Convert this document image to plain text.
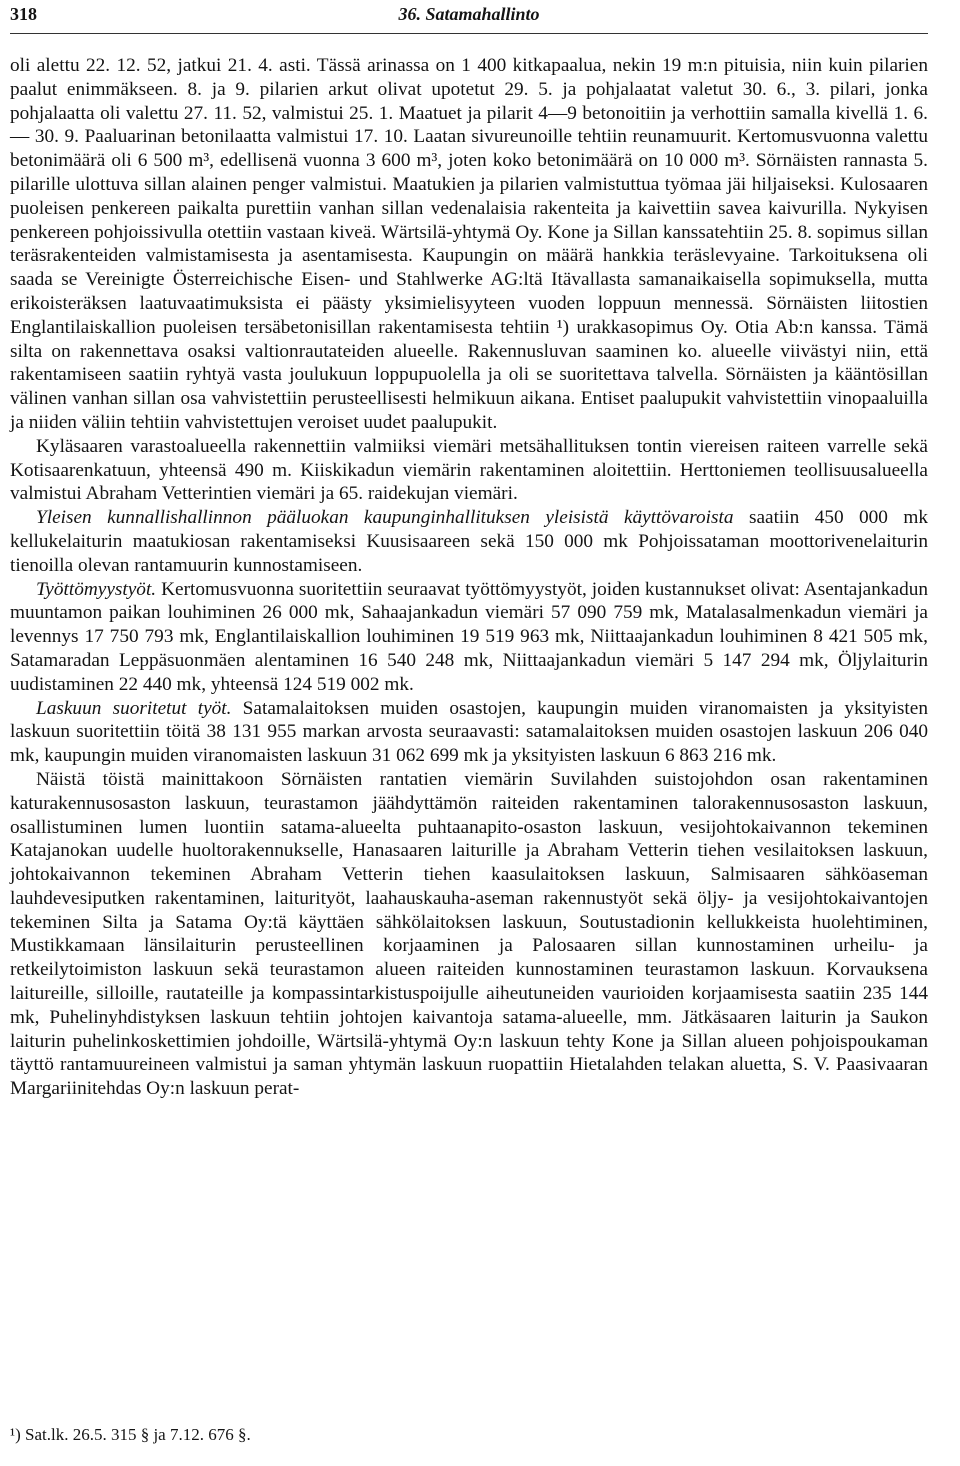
318	36. Satamahallinto

oli alettu 22. 12. 52, jatkui 21. 4. asti. Tässä arinassa on 1 400 kitkapaalua, nekin 19 m:n pituisia, niin kuin pilarien paalut enimmäkseen. 8. ja 9. pilarien arkut olivat upotetut 29. 5. ja pohjalaatat valetut 30. 6., 3. pilari, jonka pohjalaatta oli valettu 27. 11. 52, valmistui 25. 1. Maatuet ja pilarit 4—9 betonoitiin ja verhottiin samalla kivellä 1. 6. — 30. 9. Paaluarinan betonilaatta valmistui 17. 10. Laatan sivureunoille tehtiin reunamuurit. Kertomusvuonna valettu betonimäärä oli 6 500 m³, edellisenä vuonna 3 600 m³, joten koko betonimäärä on 10 000 m³. Sörnäisten rannasta 5. pilarille ulottuva sillan alainen penger valmistui. Maatukien ja pilarien valmistuttua työmaa jäi hiljaiseksi. Kulosaaren puoleisen penkereen paikalta purettiin vanhan sillan vedenalaisia rakenteita ja kaivettiin savea kaivurilla. Nykyisen penkereen pohjoissivulla otettiin vastaan kiveä. Wärtsilä-yhtymä Oy. Kone ja Sillan kanssatehtiin 25. 8. sopimus sillan teräsrakenteiden valmistamisesta ja asentamisesta. Kaupungin on määrä hankkia teräslevyaine. Tarkoituksena oli saada se Vereinigte Österreichische Eisen- und Stahlwerke AG:ltä Itävallasta samanaikaisella sopimuksella, mutta erikoisteräksen laatuvaatimuksista ei päästy yksimielisyyteen vuoden loppuun mennessä. Sörnäisten liitostien Englantilaiskallion puoleisen tersäbetonisillan rakentamisesta tehtiin ¹) urakkasopimus Oy. Otia Ab:n kanssa. Tämä silta on rakennettava osaksi valtionrautateiden alueelle. Rakennusluvan saaminen ko. alueelle viivästyi niin, että rakentamiseen saatiin ryhtyä vasta joulukuun loppupuolella ja oli se suoritettava talvella. Sörnäisten ja kääntösillan välinen vanhan sillan osa vahvistettiin perusteellisesti helmikuun aikana. Entiset paalupukit vahvistettiin vinopaaluilla ja niiden väliin tehtiin vahvistettujen veroiset uudet paalupukit.

Kyläsaaren varastoalueella rakennettiin valmiiksi viemäri metsähallituksen tontin viereisen raiteen varrelle sekä Kotisaarenkatuun, yhteensä 490 m. Kiiskikadun viemärin rakentaminen aloitettiin. Herttoniemen teollisuusalueella valmistui Abraham Vetterintien viemäri ja 65. raidekujan viemäri.

Yleisen kunnallishallinnon pääluokan kaupunginhallituksen yleisistä käyttövaroista saatiin 450 000 mk kellukelaiturin maatukiosan rakentamiseksi Kuusisaareen sekä 150 000 mk Pohjoissataman moottorivenelaiturin tienoilla olevan rantamuurin kunnostamiseen.

Työttömyystyöt. Kertomusvuonna suoritettiin seuraavat työttömyystyöt, joiden kustannukset olivat: Asentajankadun muuntamon paikan louhiminen 26 000 mk, Sahaajankadun viemäri 57 090 759 mk, Matalasalmenkadun viemäri ja levennys 17 750 793 mk, Englantilaiskallion louhiminen 19 519 963 mk, Niittaajankadun louhiminen 8 421 505 mk, Satamaradan Leppäsuonmäen alentaminen 16 540 248 mk, Niittaajankadun viemäri 5 147 294 mk, Öljylaiturin uudistaminen 22 440 mk, yhteensä 124 519 002 mk.

Laskuun suoritetut työt. Satamalaitoksen muiden osastojen, kaupungin muiden viranomaisten ja yksityisten laskuun suoritettiin töitä 38 131 955 markan arvosta seuraavasti: satamalaitoksen muiden osastojen laskuun 206 040 mk, kaupungin muiden viranomaisten laskuun 31 062 699 mk ja yksityisten laskuun 6 863 216 mk.

Näistä töistä mainittakoon Sörnäisten rantatien viemärin Suvilahden suistojohdon osan rakentaminen katurakennusosaston laskuun, teurastamon jäähdyttämön raiteiden rakentaminen talorakennusosaston laskuun, osallistuminen lumen luontiin satama-alueelta puhtaanapito-osaston laskuun, vesijohtokaivannon tekeminen Katajanokan uudelle huoltorakennukselle, Hanasaaren laiturille ja Abraham Vetterin tiehen vesilaitoksen laskuun, johtokaivannon tekeminen Abraham Vetterin tiehen kaasulaitoksen laskuun, Salmisaaren sähköaseman lauhdevesiputken rakentaminen, laiturityöt, laahauskauha-aseman rakennustyöt sekä öljy- ja vesijohtokaivantojen tekeminen Silta ja Satama Oy:tä käyttäen sähkölaitoksen laskuun, Soutustadionin kellukkeista huolehtiminen, Mustikkamaan länsilaiturin perusteellinen korjaaminen ja Palosaaren sillan kunnostaminen urheilu- ja retkeilytoimiston laskuun sekä teurastamon alueen raiteiden kunnostaminen teurastamon laskuun. Korvauksena laitureille, silloille, rautateille ja kompassintarkistuspoijulle aiheutuneiden vaurioiden korjaamisesta saatiin 235 144 mk, Puhelinyhdistyksen laskuun tehtiin johtojen kaivantoja satama-alueelle, mm. Jätkäsaaren laiturin ja Saukon laiturin puhelinkoskettimien johdoille, Wärtsilä-yhtymä Oy:n laskuun tehty Kone ja Sillan alueen pohjoispoukaman täyttö rantamuureineen valmistui ja saman yhtymän laskuun ruopattiin Hietalahden telakan aluetta, S. V. Paasivaaran Margariinitehdas Oy:n laskuun perat-

¹) Sat.lk. 26.5. 315 § ja 7.12. 676 §.
